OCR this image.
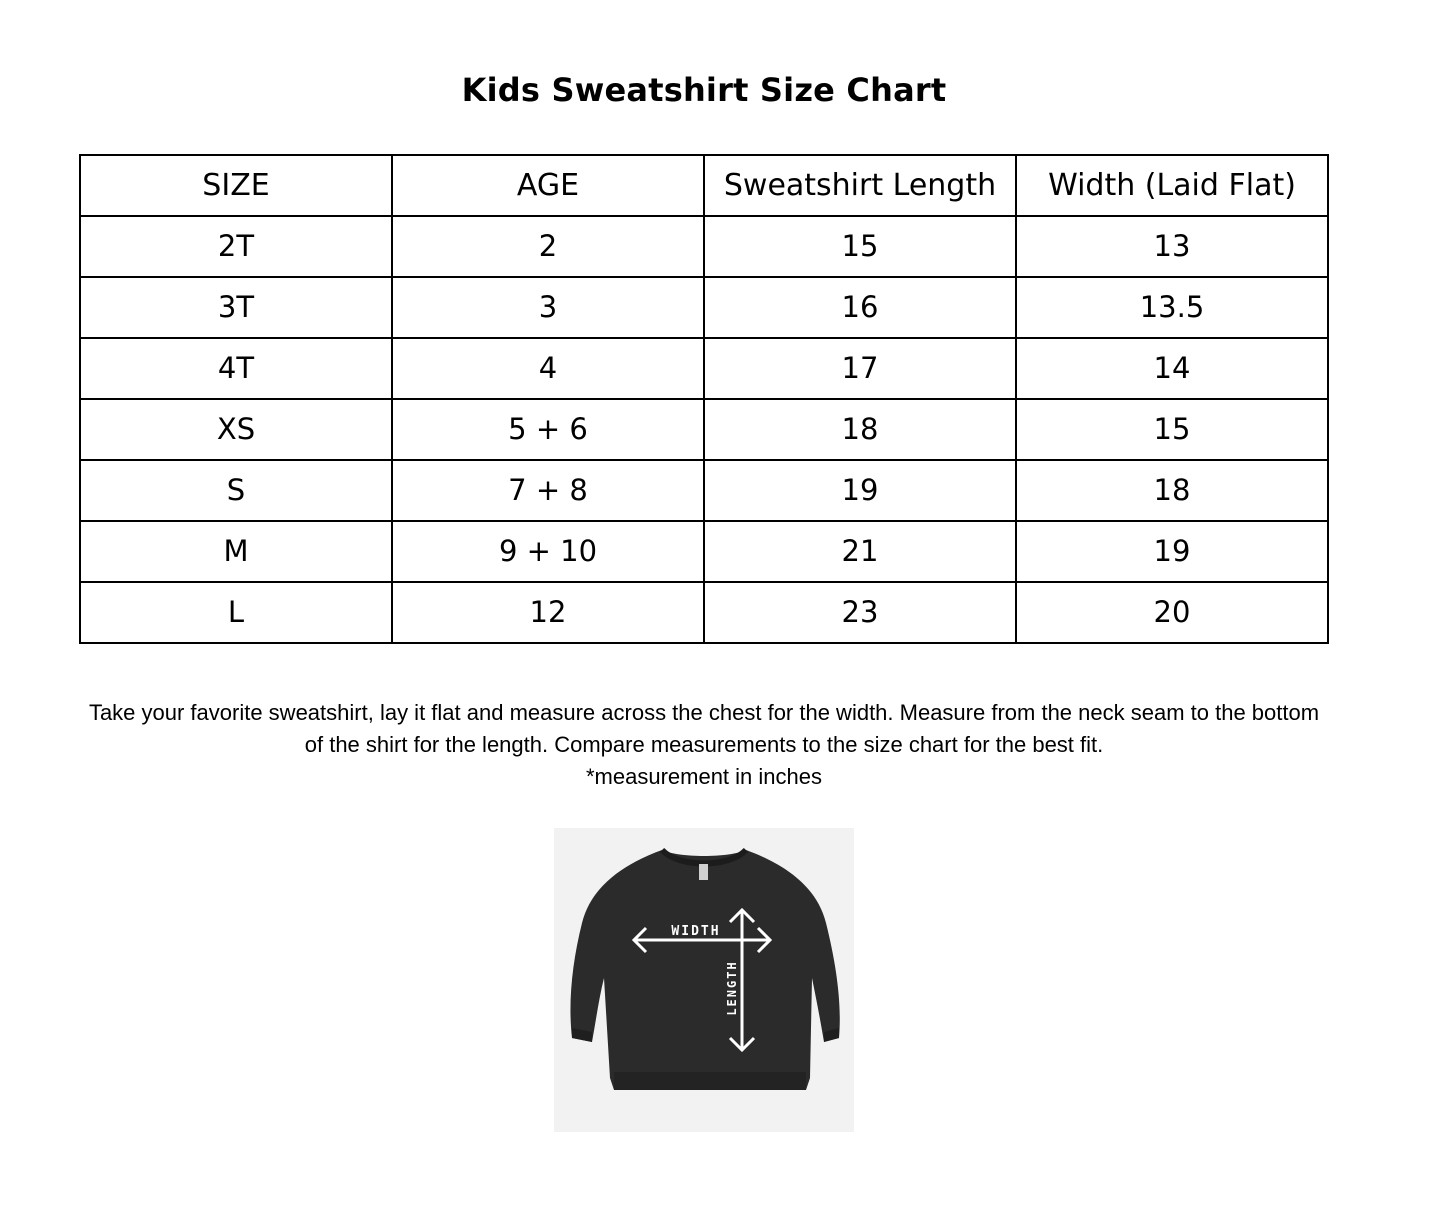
Kids Sweatshirt Size Chart
SIZE	AGE	Sweatshirt Length	Width (Laid Flat)
2T	2	15	13
3T	3	16	13.5
4T	4	17	14
XS	5 + 6	18	15
S	7 + 8	19	18
M	9 + 10	21	19
L	12	23	20

Take your favorite sweatshirt, lay it flat and measure across the chest for the width. Measure from the neck seam to the bottom of the shirt for the length. Compare measurements to the size chart for the best fit.

*measurement in inches

WIDTH
LENGTH
